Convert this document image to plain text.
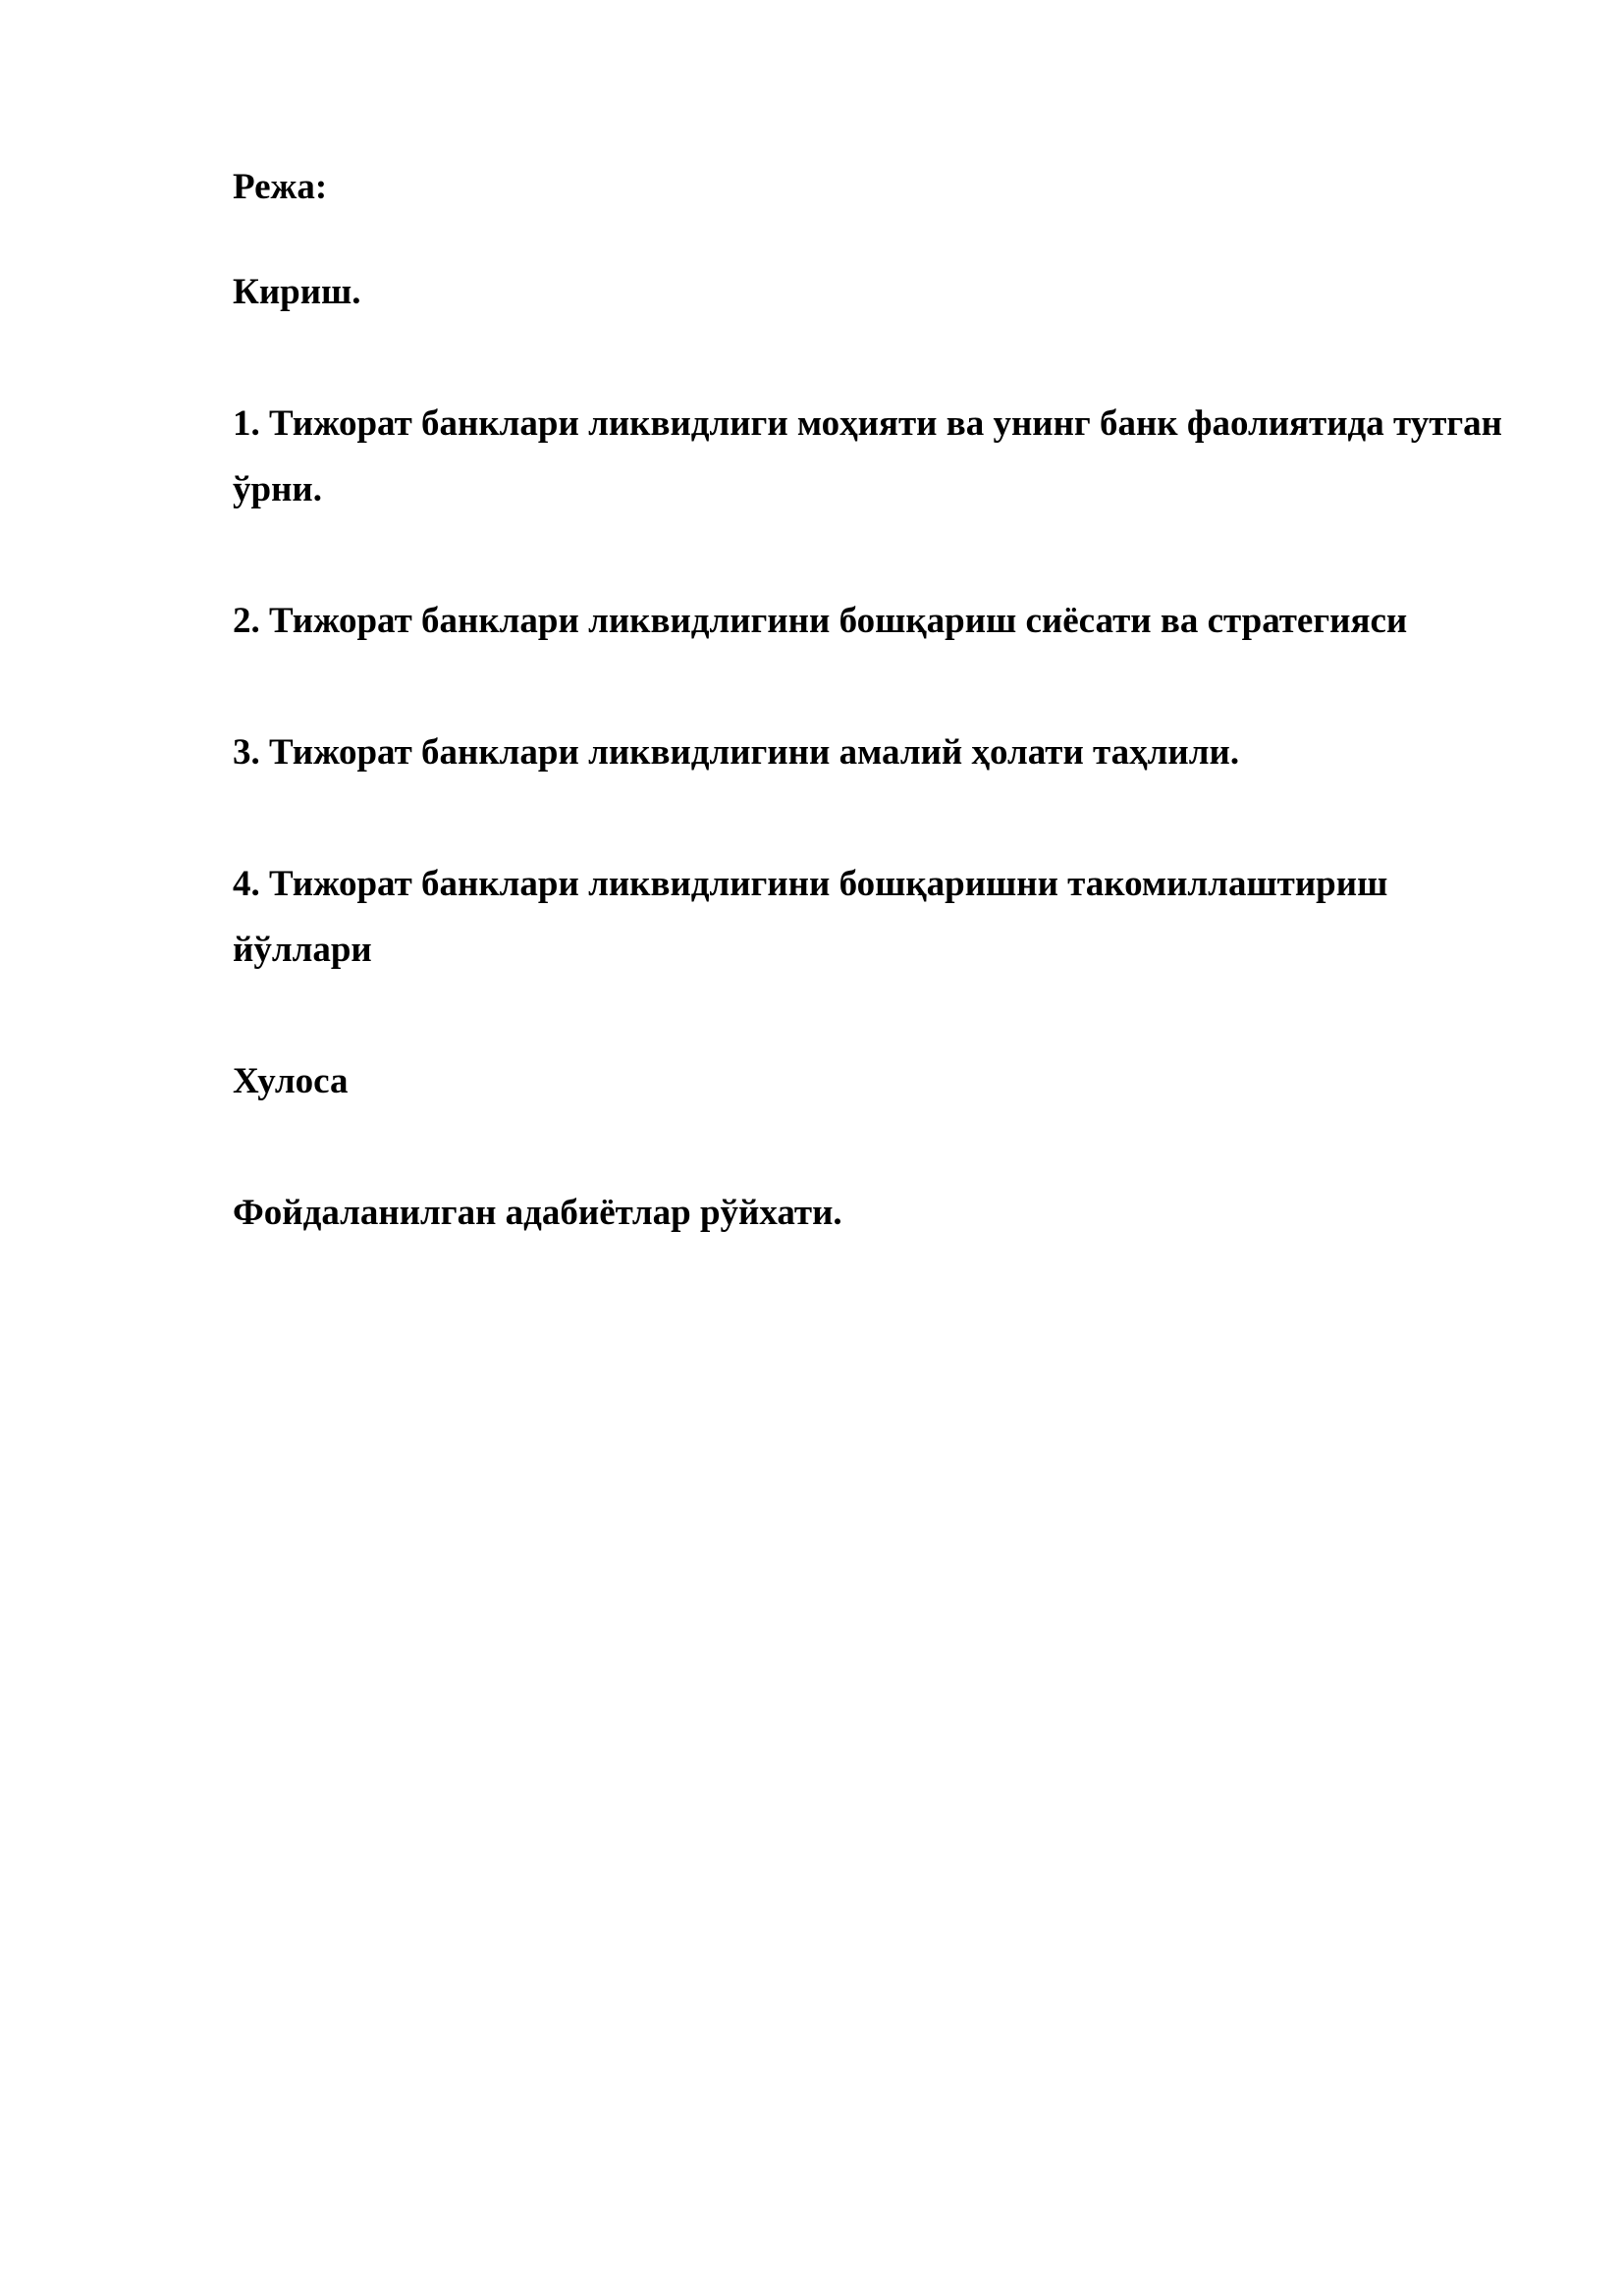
Режа:

Кириш.

1. Тижорат банклари ликвидлиги моҳияти ва унинг банк фаолиятида тутган ўрни.

2. Тижорат банклари ликвидлигини бошқариш сиёсати ва стратегияси

3. Тижорат банклари ликвидлигини амалий ҳолати таҳлили.

4. Тижорат банклари ликвидлигини бошқаришни такомиллаштириш йўллари

Хулоса

Фойдаланилган адабиётлар рўйхати.
